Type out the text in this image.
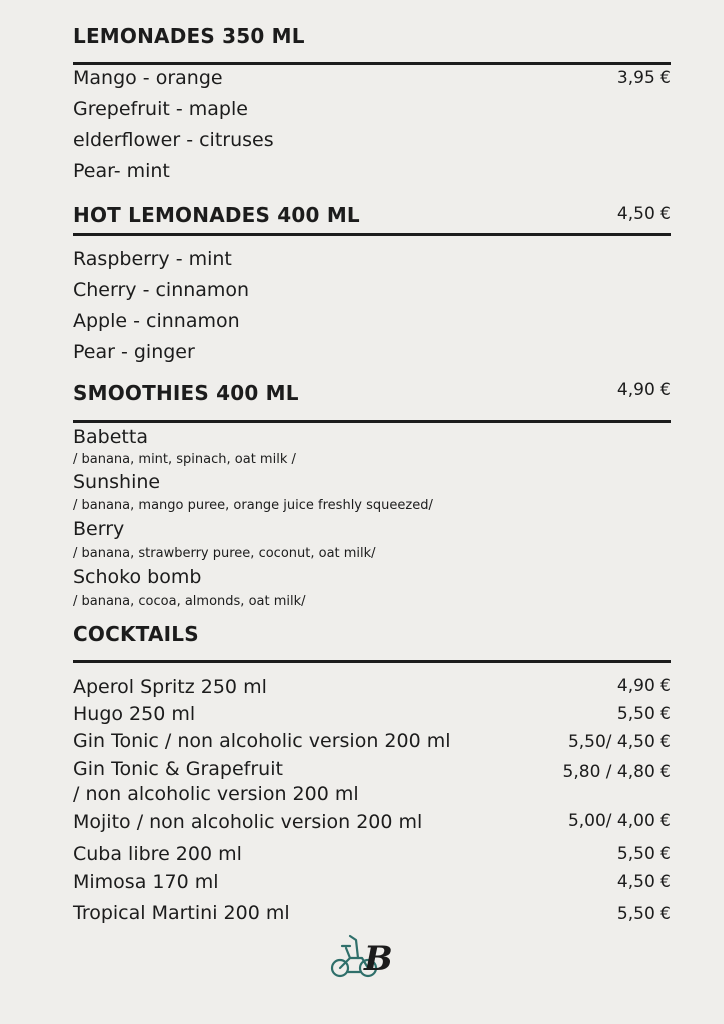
LEMONADES 350 ML
Mango - orange	3,95 €
Grepefruit - maple
elderflower - citruses
Pear- mint
HOT LEMONADES 400 ML	4,50 €
Raspberry - mint
Cherry - cinnamon
Apple - cinnamon
Pear - ginger
SMOOTHIES 400 ML	4,90 €
Babetta
/ banana, mint, spinach, oat milk /
Sunshine
/ banana, mango puree, orange juice freshly squeezed/
Berry
/ banana, strawberry puree, coconut, oat milk/
Schoko bomb
/ banana, cocoa, almonds, oat milk/
COCKTAILS
Aperol Spritz 250 ml	4,90 €
Hugo 250 ml	5,50 €
Gin Tonic / non alcoholic version 200 ml	5,50/ 4,50 €
Gin Tonic & Grapefruit	5,80 / 4,80 €
/ non alcoholic version 200 ml
Mojito / non alcoholic version 200 ml	5,00/ 4,00 €
Cuba libre 200 ml	5,50 €
Mimosa 170 ml	4,50 €
Tropical Martini 200 ml	5,50 €
B
